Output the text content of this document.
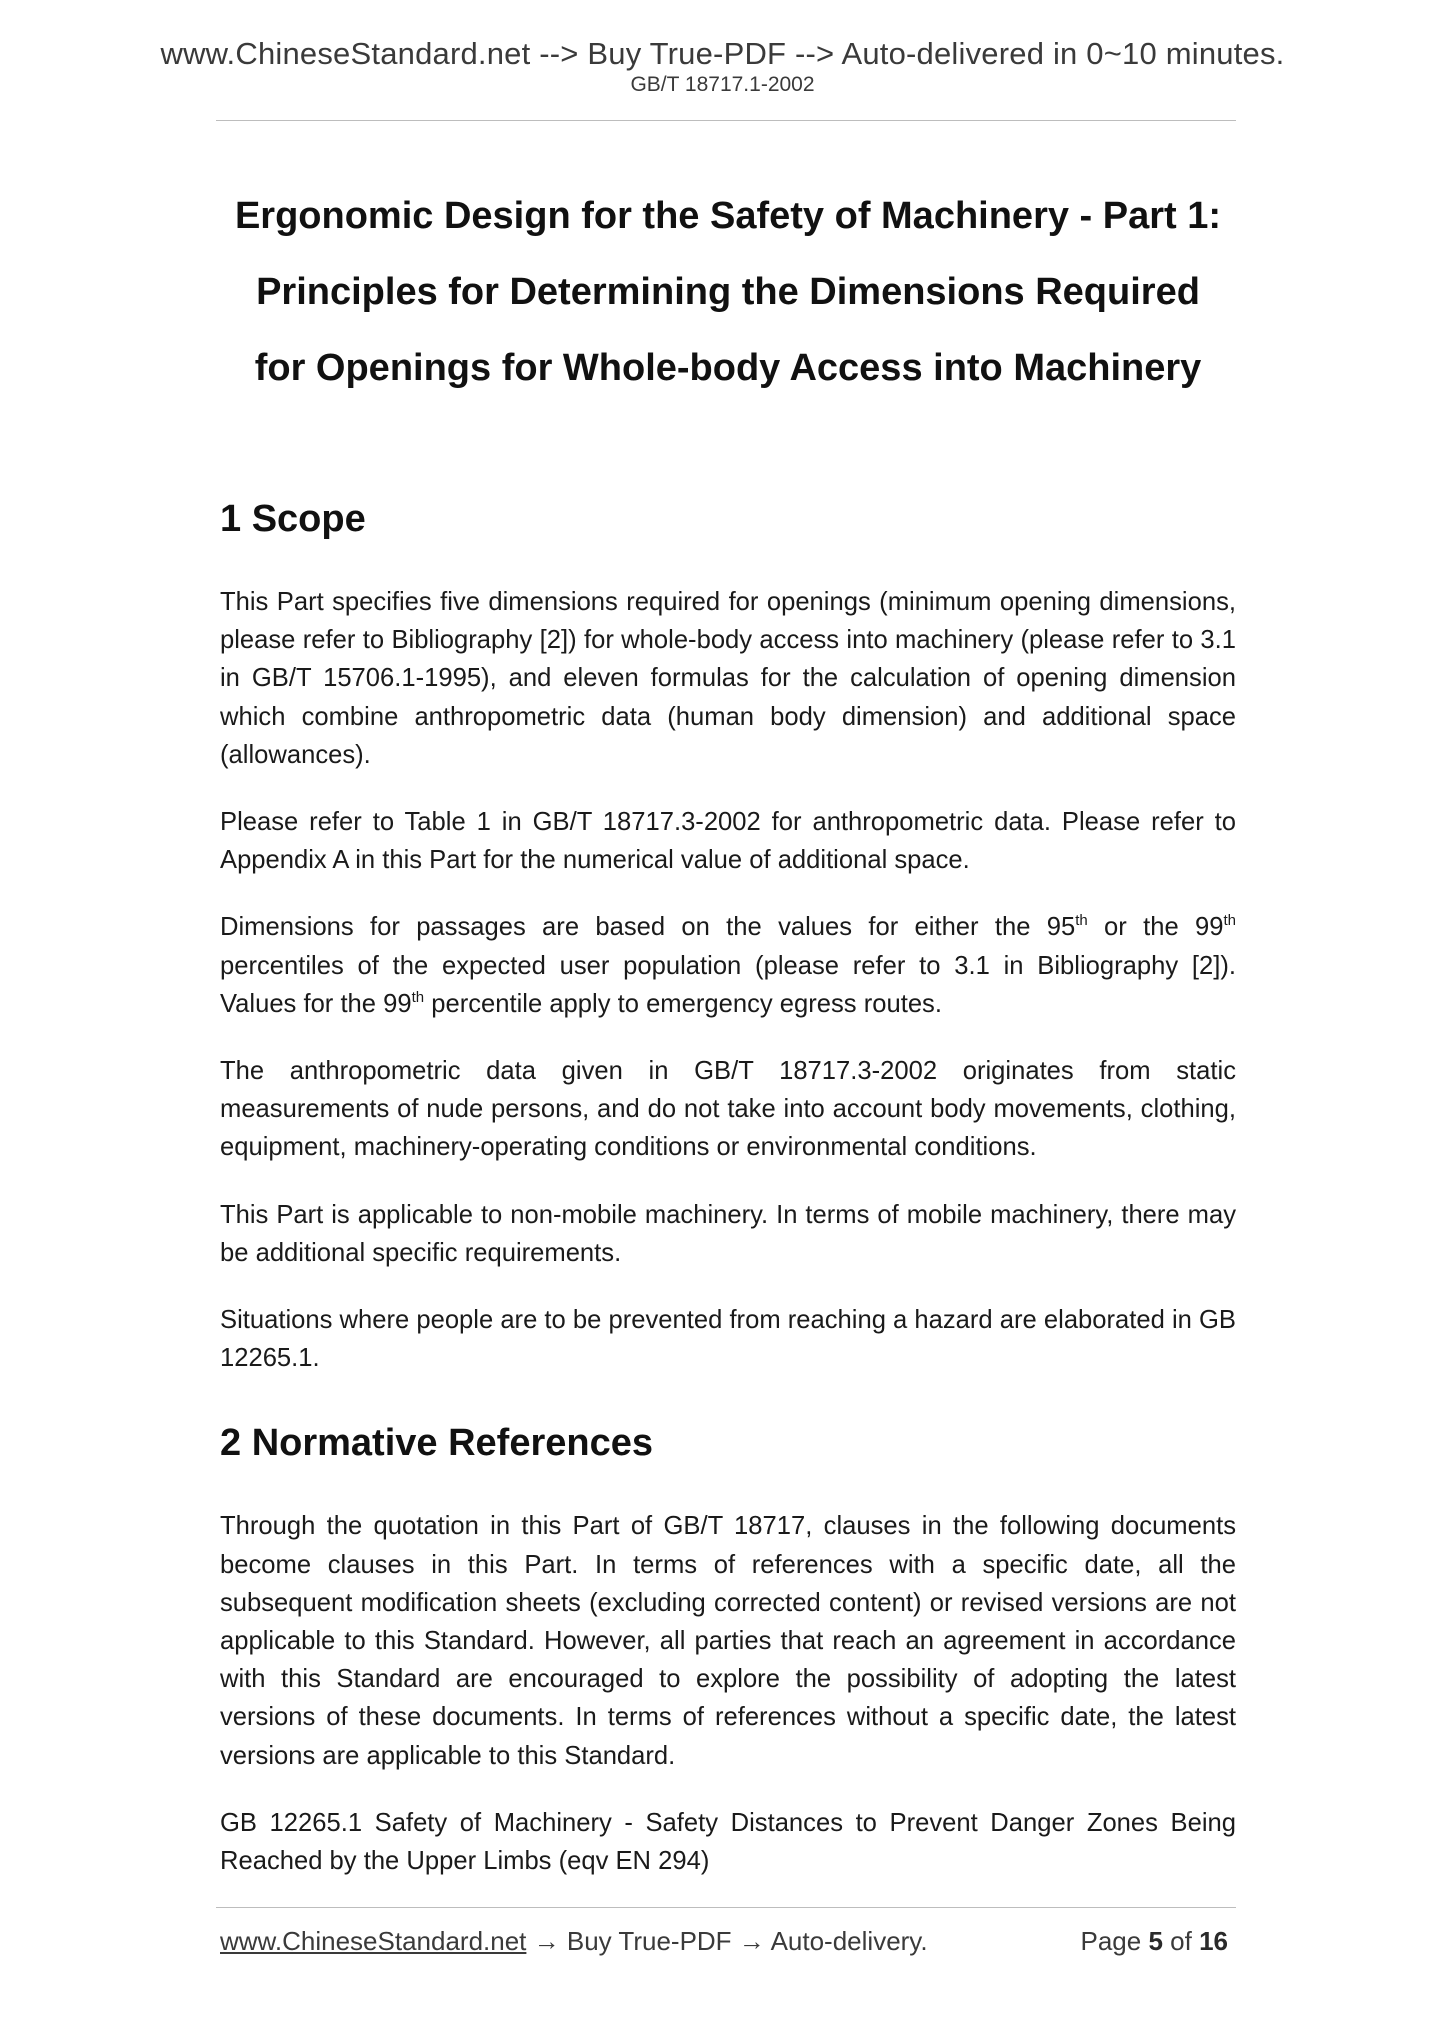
www.ChineseStandard.net --> Buy True-PDF --> Auto-delivered in 0~10 minutes.
GB/T 18717.1-2002
Ergonomic Design for the Safety of Machinery - Part 1:
Principles for Determining the Dimensions Required
for Openings for Whole-body Access into Machinery
1 Scope

This Part specifies five dimensions required for openings (minimum opening dimensions, please refer to Bibliography [2]) for whole-body access into machinery (please refer to 3.1 in GB/T 15706.1-1995), and eleven formulas for the calculation of opening dimension which combine anthropometric data (human body dimension) and additional space (allowances).

Please refer to Table 1 in GB/T 18717.3-2002 for anthropometric data. Please refer to Appendix A in this Part for the numerical value of additional space.

Dimensions for passages are based on the values for either the 95th or the 99th percentiles of the expected user population (please refer to 3.1 in Bibliography [2]). Values for the 99th percentile apply to emergency egress routes.

The anthropometric data given in GB/T 18717.3-2002 originates from static measurements of nude persons, and do not take into account body movements, clothing, equipment, machinery-operating conditions or environmental conditions.

This Part is applicable to non-mobile machinery. In terms of mobile machinery, there may be additional specific requirements.

Situations where people are to be prevented from reaching a hazard are elaborated in GB 12265.1.

2 Normative References

Through the quotation in this Part of GB/T 18717, clauses in the following documents become clauses in this Part. In terms of references with a specific date, all the subsequent modification sheets (excluding corrected content) or revised versions are not applicable to this Standard. However, all parties that reach an agreement in accordance with this Standard are encouraged to explore the possibility of adopting the latest versions of these documents. In terms of references without a specific date, the latest versions are applicable to this Standard.

GB 12265.1 Safety of Machinery - Safety Distances to Prevent Danger Zones Being Reached by the Upper Limbs (eqv EN 294)

www.ChineseStandard.net → Buy True-PDF → Auto-delivery.	Page 5 of 16
